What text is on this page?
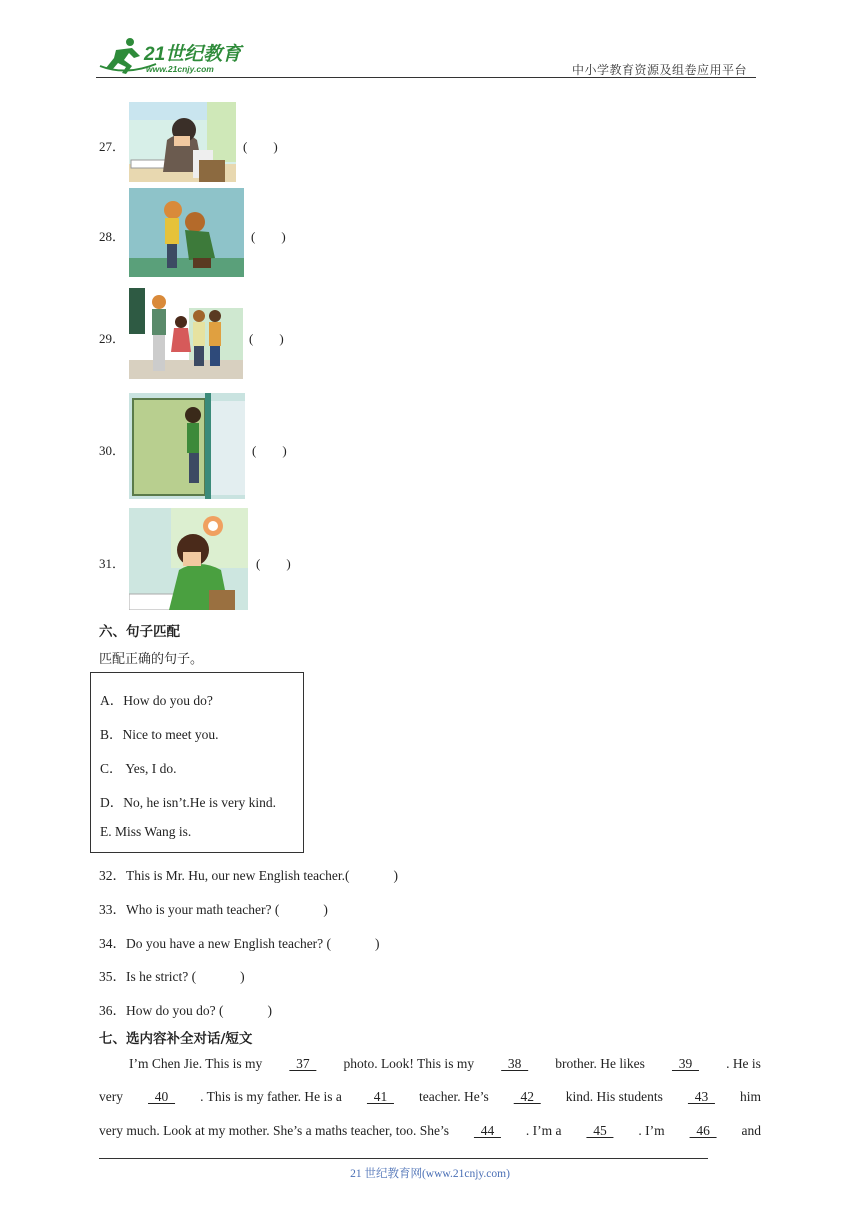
21世纪教育
www.21cnjy.com	中小学教育资源及组卷应用平台
27．	(　　)
28．	(　　)
29．	(　　)
30．	(　　)
31．	(　　)
六、句子匹配
匹配正确的句子。
A．How do you do?
B．Nice to meet you.
C． Yes, I do.
D．No, he isn’t.He is very kind.
E. Miss Wang is.
32．This is Mr. Hu, our new English teacher.(	)
33．Who is your math teacher? (	)
34．Do you have a new English teacher? (	)
35．Is he strict? (	)
36．How do you do? (	)
七、选内容补全对话/短文
I’m Chen Jie. This is my 37 photo. Look! This is my 38 brother. He likes 39 . He is
very 40 . This is my father. He is a 41 teacher. He’s 42 kind. His students 43 him
very much. Look at my mother. She’s a maths teacher, too. She’s 44 . I’m a 45 . I’m 46 and
21 世纪教育网(www.21cnjy.com)
